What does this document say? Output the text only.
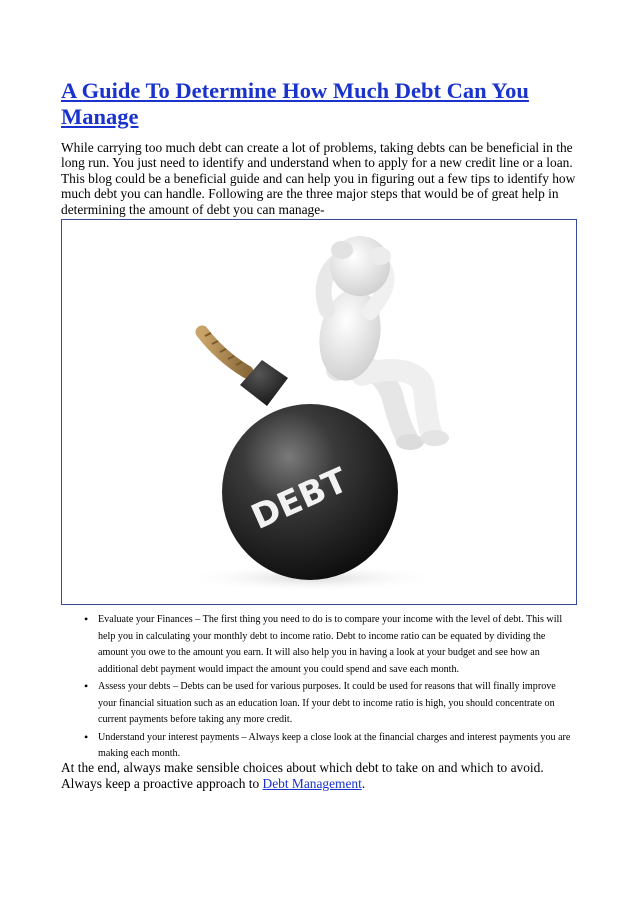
A Guide To Determine How Much Debt Can You Manage

While carrying too much debt can create a lot of problems, taking debts can be beneficial in the long run. You just need to identify and understand when to apply for a new credit line or a loan. This blog could be a beneficial guide and can help you in figuring out a few tips to identify how much debt you can handle. Following are the three major steps that would be of great help in determining the amount of debt you can manage-

DEBT
• Evaluate your Finances – The first thing you need to do is to compare your income with the level of debt. This will help you in calculating your monthly debt to income ratio. Debt to income ratio can be equated by dividing the amount you owe to the amount you earn. It will also help you in having a look at your budget and see how an additional debt payment would impact the amount you could spend and save each month.
• Assess your debts – Debts can be used for various purposes. It could be used for reasons that will finally improve your financial situation such as an education loan. If your debt to income ratio is high, you should concentrate on current payments before taking any more credit.
• Understand your interest payments – Always keep a close look at the financial charges and interest payments you are making each month.

At the end, always make sensible choices about which debt to take on and which to avoid. Always keep a proactive approach to Debt Management.
